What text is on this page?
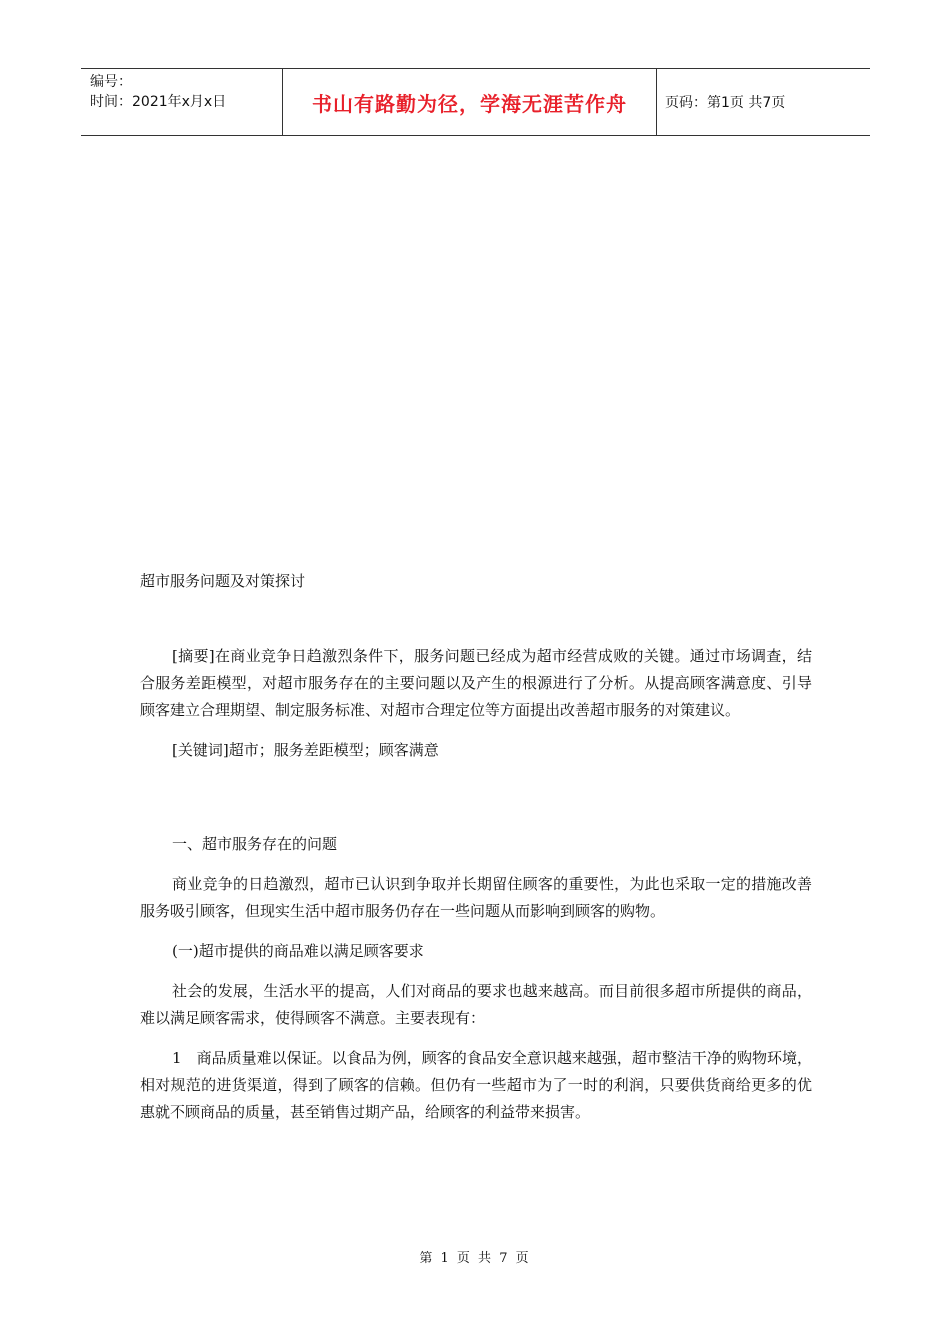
编号：
时间：2021年x月x日	书山有路勤为径，学海无涯苦作舟	页码：第1页 共7页

超市服务问题及对策探讨

[摘要]在商业竞争日趋激烈条件下，服务问题已经成为超市经营成败的关键。通过市场调查，结合服务差距模型，对超市服务存在的主要问题以及产生的根源进行了分析。从提高顾客满意度、引导顾客建立合理期望、制定服务标准、对超市合理定位等方面提出改善超市服务的对策建议。

[关键词]超市；服务差距模型；顾客满意

一、超市服务存在的问题

商业竞争的日趋激烈，超市已认识到争取并长期留住顾客的重要性，为此也采取一定的措施改善服务吸引顾客，但现实生活中超市服务仍存在一些问题从而影响到顾客的购物。

(一)超市提供的商品难以满足顾客要求

社会的发展，生活水平的提高，人们对商品的要求也越来越高。而目前很多超市所提供的商品，难以满足顾客需求，使得顾客不满意。主要表现有：

1　商品质量难以保证。以食品为例，顾客的食品安全意识越来越强，超市整洁干净的购物环境，相对规范的进货渠道，得到了顾客的信赖。但仍有一些超市为了一时的利润，只要供货商给更多的优惠就不顾商品的质量，甚至销售过期产品，给顾客的利益带来损害。

第 1 页 共 7 页
